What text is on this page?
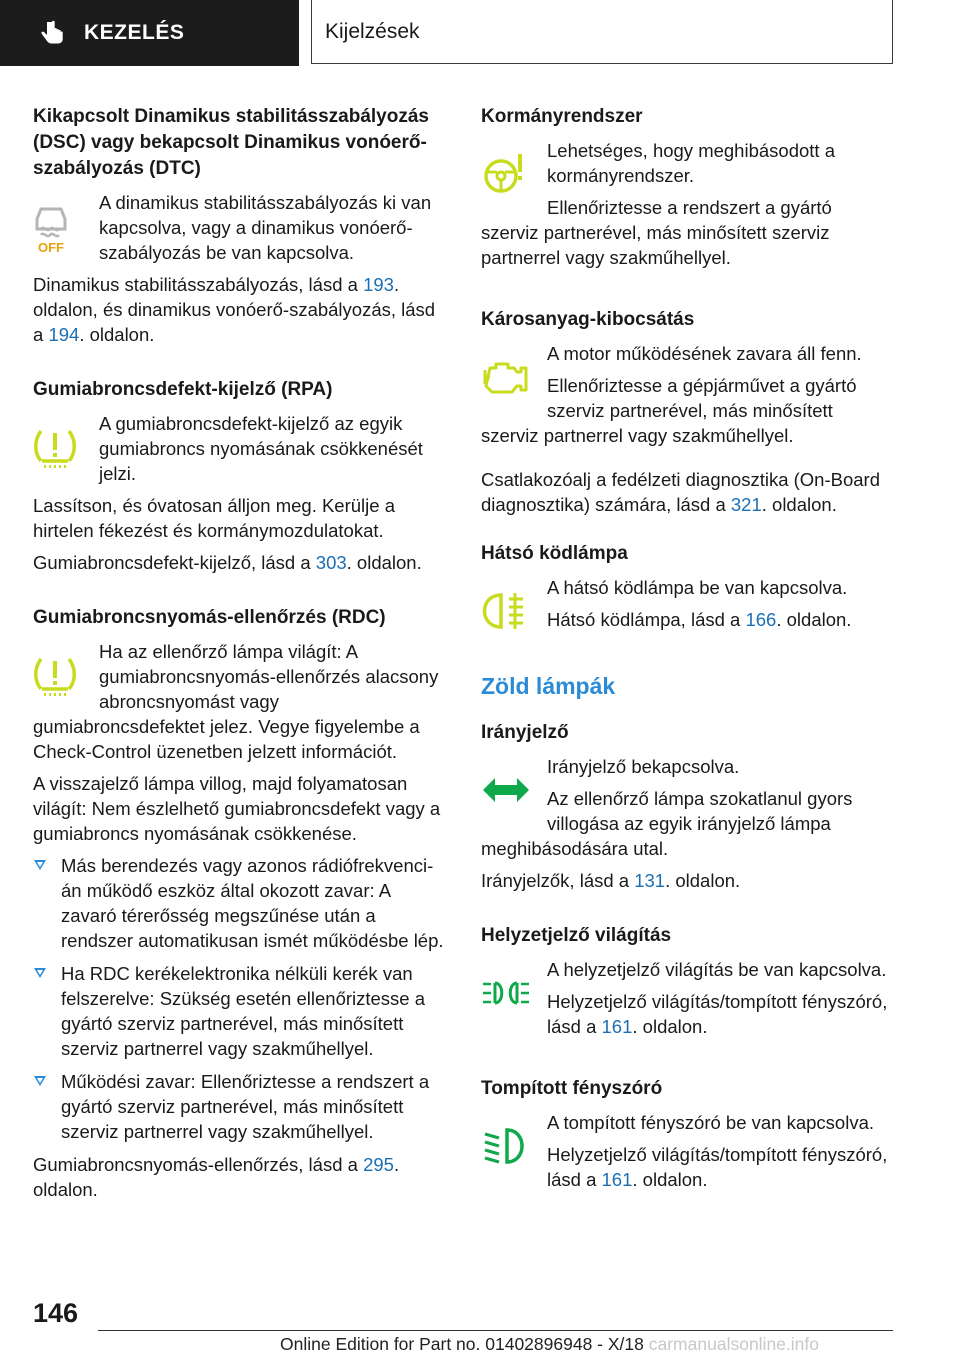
KEZELÉS	Kijelzések
Kikapcsolt Dinamikus stabilitásszabályozás (DSC) vagy bekapcsolt Dinamikus vonóerő-szabályozás (DTC)
OFF

A dinamikus stabilitásszabályozás ki van kapcsolva, vagy a dinamikus vonóerő-szabályozás be van kapcsolva.

Dinamikus stabilitásszabályozás, lásd a 193. oldalon, és dinamikus vonóerő-szabályozás, lásd a 194. oldalon.

Gumiabroncsdefekt-kijelző (RPA)

A gumiabroncsdefekt-kijelző az egyik gumiabroncs nyomásának csökkenését jelzi.

Lassítson, és óvatosan álljon meg. Kerülje a hirtelen fékezést és kormánymozdulatokat.

Gumiabroncsdefekt-kijelző, lásd a 303. oldalon.

Gumiabroncsnyomás-ellenőrzés (RDC)

Ha az ellenőrző lámpa világít: A gumiabroncsnyomás-ellenőrzés alacsony abroncsnyomást vagy gumiabroncsdefektet jelez. Vegye figyelembe a Check-Control üzenetben jelzett információt.

A visszajelző lámpa villog, majd folyamatosan világít: Nem észlelhető gumiabroncsdefekt vagy a gumiabroncs nyomásának csökkenése.

Más berendezés vagy azonos rádiófrekvencián működő eszköz által okozott zavar: A zavaró térerősség megszűnése után a rendszer automatikusan ismét működésbe lép.
Ha RDC kerékelektronika nélküli kerék van felszerelve: Szükség esetén ellenőriztesse a gyártó szerviz partnerével, más minősített szerviz partnerrel vagy szakműhellyel.
Működési zavar: Ellenőriztesse a rendszert a gyártó szerviz partnerével, más minősített szerviz partnerrel vagy szakműhellyel.

Gumiabroncsnyomás-ellenőrzés, lásd a 295. oldalon.

Kormányrendszer

Lehetséges, hogy meghibásodott a kormányrendszer.

Ellenőriztesse a rendszert a gyártó szerviz partnerével, más minősített szerviz partnerrel vagy szakműhellyel.

Károsanyag-kibocsátás

A motor működésének zavara áll fenn.

Ellenőriztesse a gépjárművet a gyártó szerviz partnerével, más minősített szerviz partnerrel vagy szakműhellyel.

Csatlakozóalj a fedélzeti diagnosztika (On-Board diagnosztika) számára, lásd a 321. oldalon.

Hátsó ködlámpa

A hátsó ködlámpa be van kapcsolva.

Hátsó ködlámpa, lásd a 166. oldalon.

Zöld lámpák
Irányjelző

Irányjelző bekapcsolva.

Az ellenőrző lámpa szokatlanul gyors villogása az egyik irányjelző lámpa meghibásodására utal.

Irányjelzők, lásd a 131. oldalon.

Helyzetjelző világítás

A helyzetjelző világítás be van kapcsolva.

Helyzetjelző világítás/tompított fényszóró, lásd a 161. oldalon.

Tompított fényszóró

A tompított fényszóró be van kapcsolva.

Helyzetjelző világítás/tompított fényszóró, lásd a 161. oldalon.

146
Online Edition for Part no. 01402896948 - X/18 carmanualsonline.info
